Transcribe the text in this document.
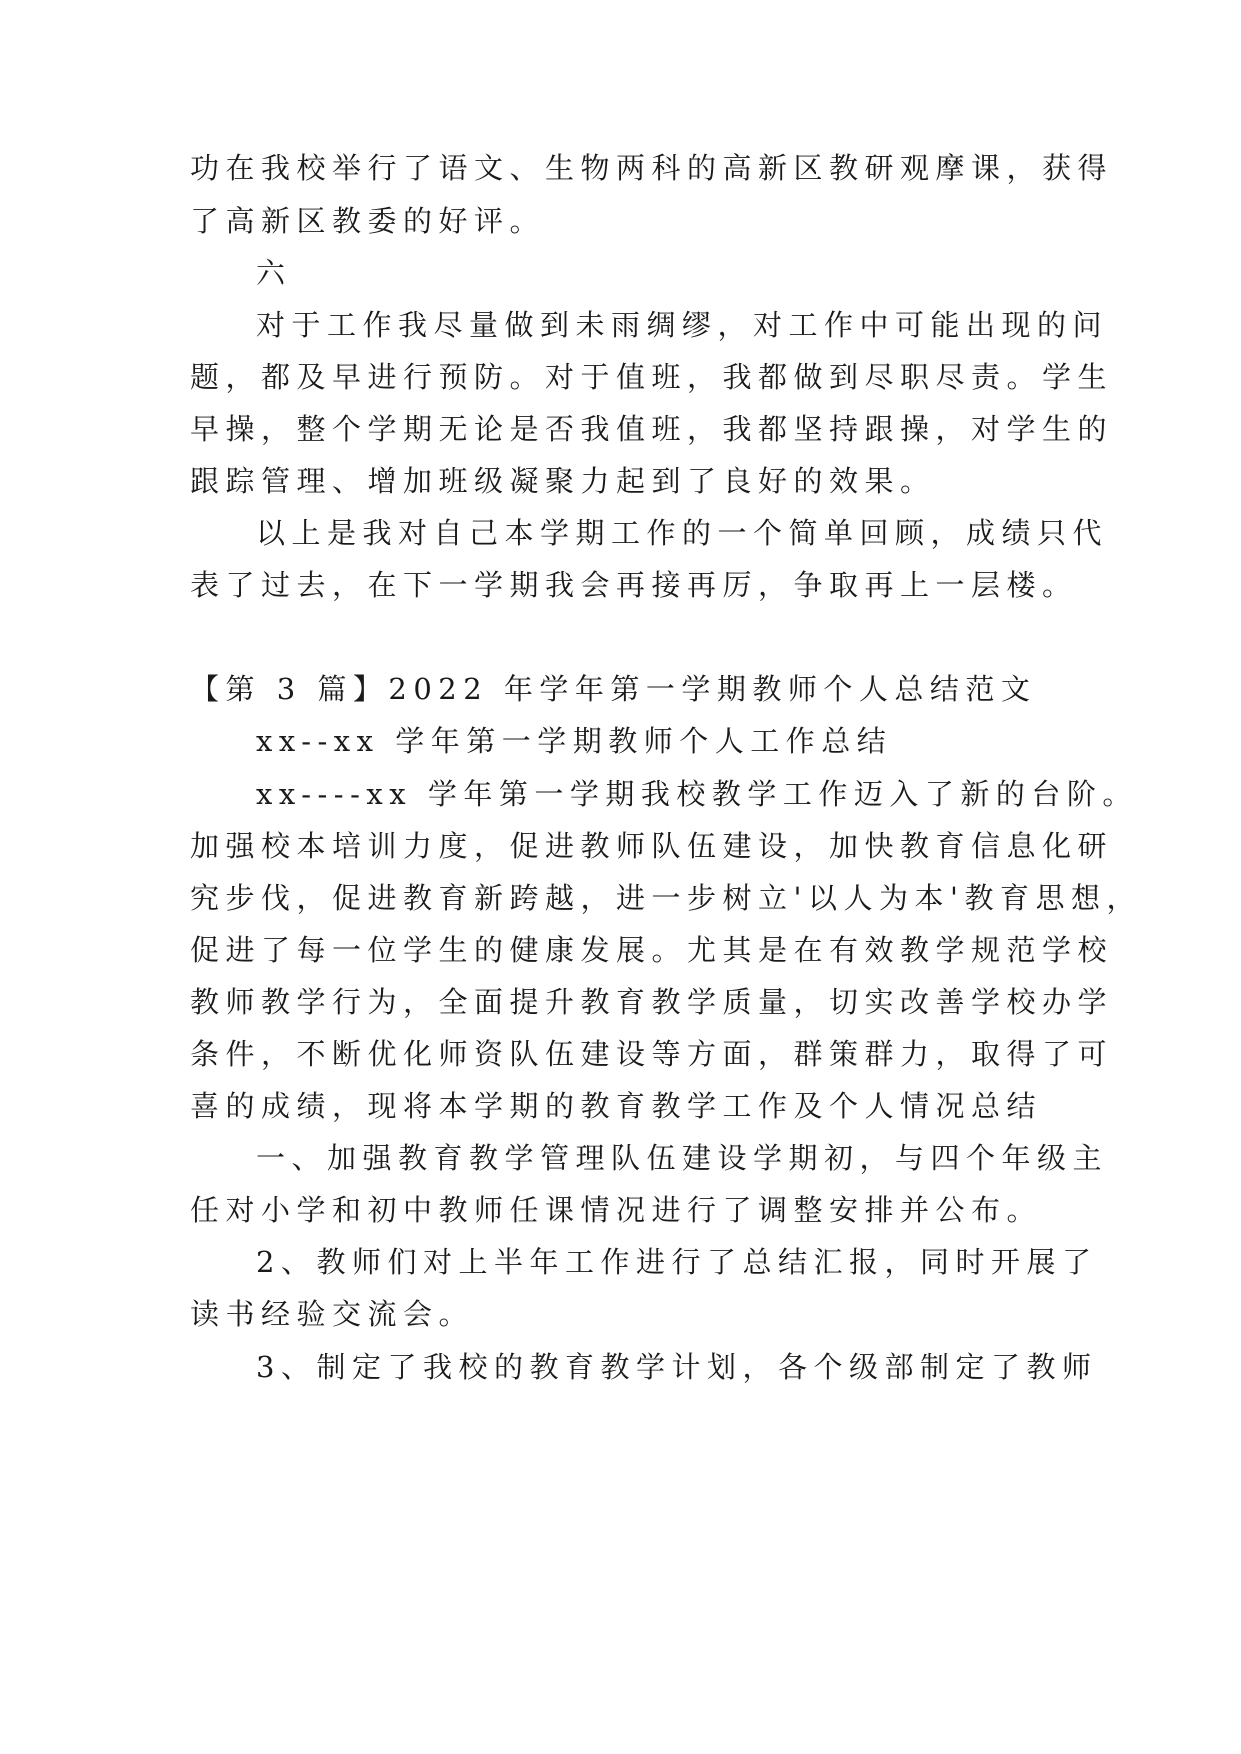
功在我校举行了语文、生物两科的高新区教研观摩课，获得
了高新区教委的好评。
六
对于工作我尽量做到未雨绸缪，对工作中可能出现的问
题，都及早进行预防。对于值班，我都做到尽职尽责。学生
早操，整个学期无论是否我值班，我都坚持跟操，对学生的
跟踪管理、增加班级凝聚力起到了良好的效果。
以上是我对自己本学期工作的一个简单回顾，成绩只代
表了过去，在下一学期我会再接再厉，争取再上一层楼。
【第 3 篇】2022 年学年第一学期教师个人总结范文
xx--xx 学年第一学期教师个人工作总结
xx----xx 学年第一学期我校教学工作迈入了新的台阶。
加强校本培训力度，促进教师队伍建设，加快教育信息化研
究步伐，促进教育新跨越，进一步树立'以人为本'教育思想，
促进了每一位学生的健康发展。尤其是在有效教学规范学校
教师教学行为，全面提升教育教学质量，切实改善学校办学
条件，不断优化师资队伍建设等方面，群策群力，取得了可
喜的成绩，现将本学期的教育教学工作及个人情况总结
一、加强教育教学管理队伍建设学期初，与四个年级主
任对小学和初中教师任课情况进行了调整安排并公布。
2、教师们对上半年工作进行了总结汇报，同时开展了
读书经验交流会。
3、制定了我校的教育教学计划，各个级部制定了教师
